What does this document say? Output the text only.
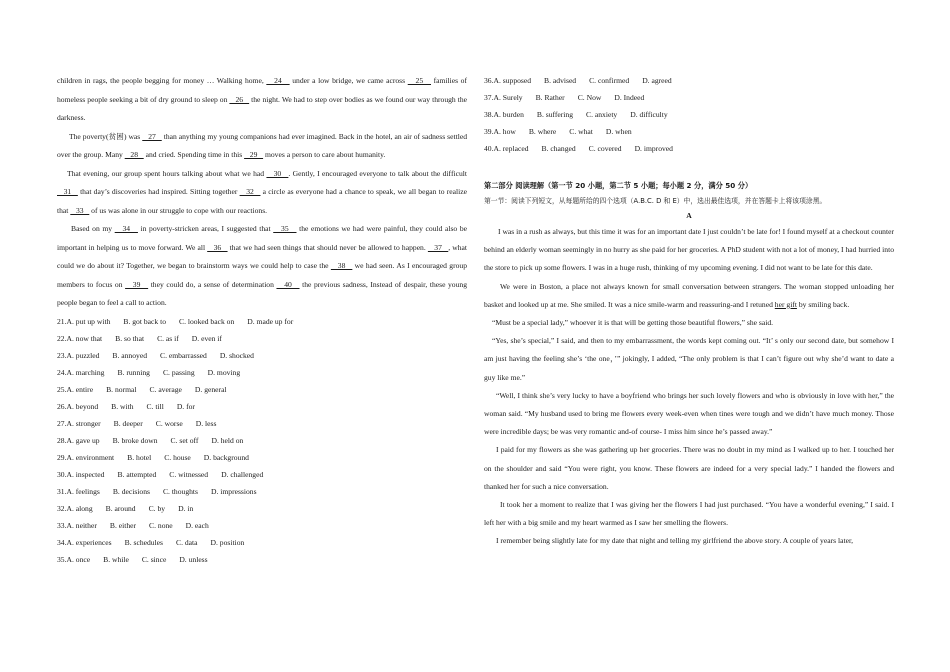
children in rags, the people begging for money … Walking home,    24    under a low bridge, we came across    25    families of homeless people seeking a bit of dry ground to sleep on    26    the night. We had to step over bodies as we found our way through the darkness.

The poverty(贫困) was    27    than anything my young companions had ever imagined. Back in the hotel, an air of sadness settled over the group. Many    28    and cried. Spending time in this    29    moves a person to care about humanity.

That evening, our group spent hours talking about what we had    30   . Gently, I encouraged everyone to talk about the difficult    31    that day’s discoveries had inspired. Sitting together    32    a circle as everyone had a chance to speak, we all began to realize that    33    of us was alone in our struggle to cope with our reactions.

Based on my    34    in poverty-stricken areas, I suggested that    35    the emotions we had were painful, they could also be important in helping us to move forward. We all    36    that we had seen things that should never be allowed to happen.    37   , what could we do about it? Together, we began to brainstorm ways we could help to case the    38    we had seen. As I encouraged group members to focus on    39    they could do, a sense of determination    40    the previous sadness, Instead of despair, these young people began to feel a call to action.

21.A. put up with B. got back to C. looked back on D. made up for
22.A. now that B. so that C. as if D. even if
23.A. puzzled B. annoyed C. embarrassed D. shocked
24.A. marching B. running C. passing D. moving
25.A. entire B. normal C. average D. general
26.A. beyond B. with C. till D. for
27.A. stronger B. deeper C. worse D. less
28.A. gave up B. broke down C. set off D. held on
29.A. environment B. hotel C. house D. background
30.A. inspected B. attempted C. witnessed D. challenged
31.A. feelings B. decisions C. thoughts D. impressions
32.A. along B. around C. by D. in
33.A. neither B. either C. none D. each
34.A. experiences B. schedules C. data D. position
35.A. once B. while C. since D. unless
36.A. supposed B. advised C. confirmed D. agreed
37.A. Surely B. Rather C. Now D. Indeed
38.A. burden B. suffering C. anxiety D. difficulty
39.A. how B. where C. what D. when
40.A. replaced B. changed C. covered D. improved
第二部分 阅读理解（第一节 20 小题，第二节 5 小题；每小题 2 分，满分 50 分）
第一节：阅读下列短文，从每题所给的四个选项（A.B.C. D 和 E）中，选出最佳选项，并在答题卡上将该项涂黑。
A

I was in a rush as always, but this time it was for an important date I just couldn’t be late for! I found myself at a checkout counter behind an elderly woman seemingly in no hurry as she paid for her groceries. A PhD student with not a lot of money, I had hurried into the store to pick up some flowers. I was in a huge rush, thinking of my upcoming evening. I did not want to be late for this date.

We were in Boston, a place not always known for small conversation between strangers. The woman stopped unloading her basket and looked up at me. She smiled. It was a nice smile-warm and reassuring-and I retuned her gift by smiling back.

“Must be a special lady,” whoever it is that will be getting those beautiful flowers,” she said.

“Yes, she’s special,” I said, and then to my embarrassment, the words kept coming out. “It’ s only our second date, but somehow I am just having the feeling she’s ‘the one，’” jokingly, I added, “The only problem is that I can’t figure out why she’d want to date a guy like me.”

“Well, I think she’s very lucky to have a boyfriend who brings her such lovely flowers and who is obviously in love with her,” the woman said. “My husband used to bring me flowers every week-even when tines were tough and we didn’t have much money. Those were incredible days; be was very romantic and-of course- I miss him since he’s passed away.”

I paid for my flowers as she was gathering up her groceries. There was no doubt in my mind as I walked up to her. I touched her on the shoulder and said “You were right, you know. These flowers are indeed for a very special lady.” I handed the flowers and thanked her for such a nice conversation.

It took her a moment to realize that I was giving her the flowers I had just purchased. “You have a wonderful evening,” I said. I left her with a big smile and my heart warmed as I saw her smelling the flowers.

I remember being slightly late for my date that night and telling my girlfriend the above story. A couple of years later,
